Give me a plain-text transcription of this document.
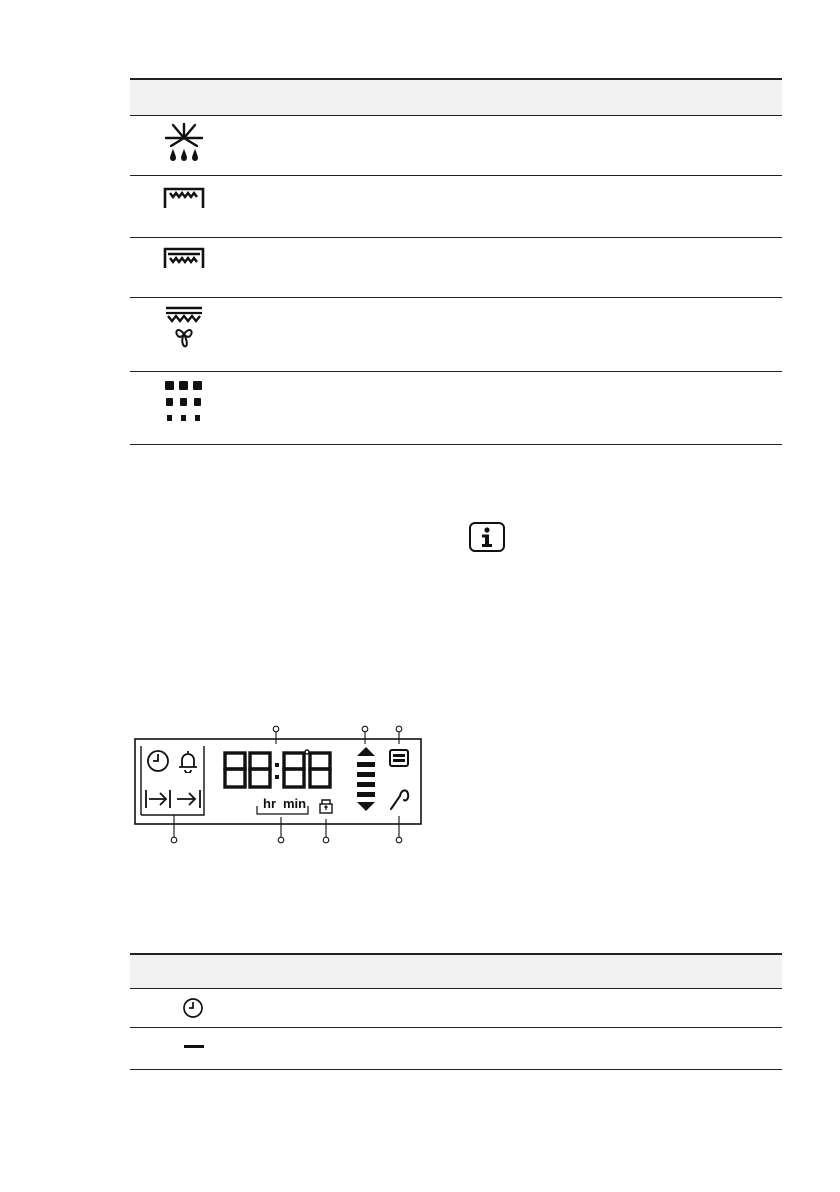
hr min
